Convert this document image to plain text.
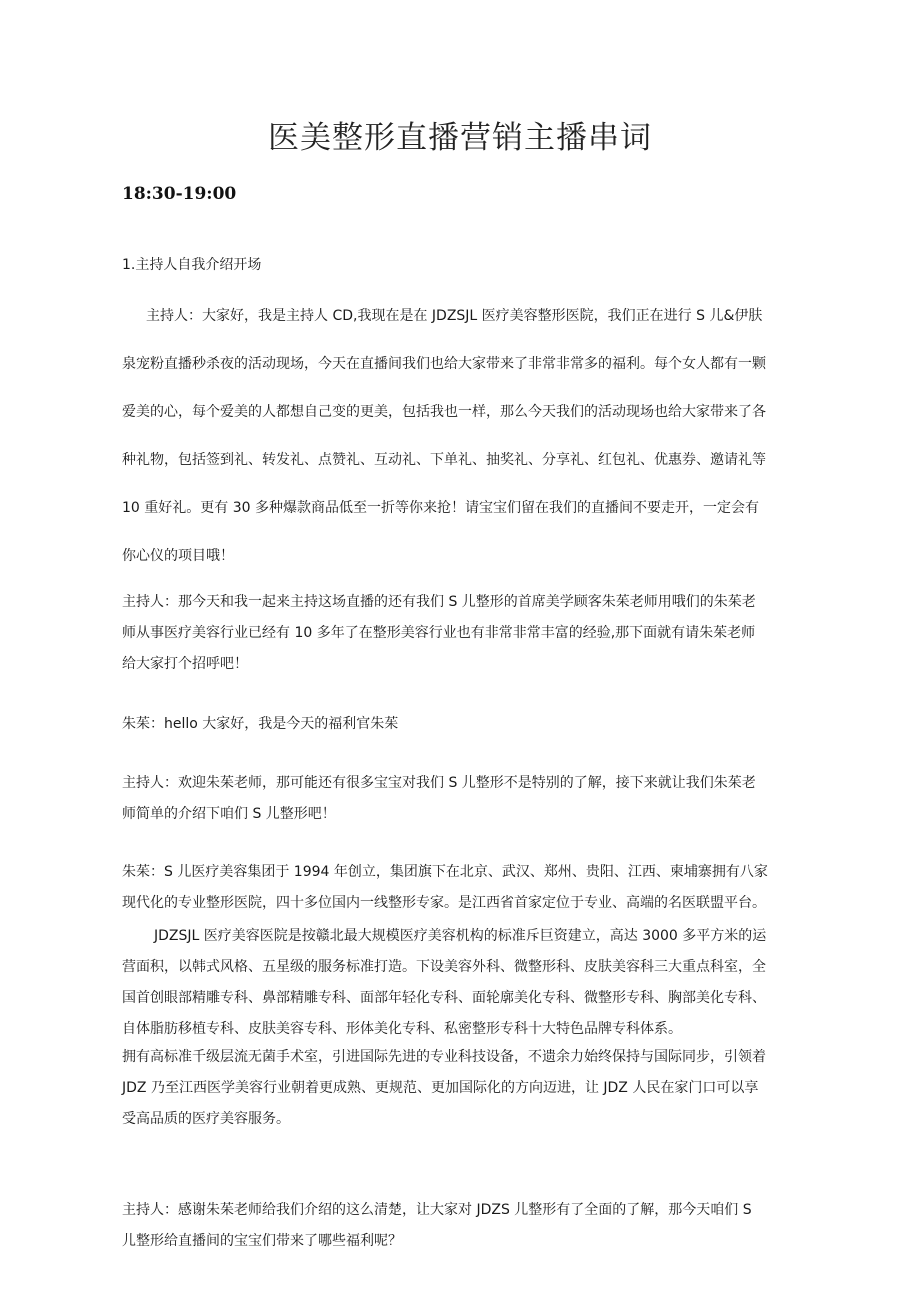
医美整形直播营销主播串词
18:30-19:00
1.主持人自我介绍开场
主持人：大家好，我是主持人 CD,我现在是在 JDZSJL 医疗美容整形医院，我们正在进行 S 儿&伊肤
泉宠粉直播秒杀夜的活动现场，今天在直播间我们也给大家带来了非常非常多的福利。每个女人都有一颗
爱美的心，每个爱美的人都想自己变的更美，包括我也一样，那么今天我们的活动现场也给大家带来了各
种礼物，包括签到礼、转发礼、点赞礼、互动礼、下单礼、抽奖礼、分享礼、红包礼、优惠券、邀请礼等
10 重好礼。更有 30 多种爆款商品低至一折等你来抢！请宝宝们留在我们的直播间不要走开，一定会有
你心仪的项目哦！
主持人：那今天和我一起来主持这场直播的还有我们 S 儿整形的首席美学顾客朱茱老师用哦们的朱茱老
师从事医疗美容行业已经有 10 多年了在整形美容行业也有非常非常丰富的经验,那下面就有请朱茱老师
给大家打个招呼吧！
朱茱：hello 大家好，我是今天的福利官朱茱
主持人：欢迎朱茱老师，那可能还有很多宝宝对我们 S 儿整形不是特别的了解，接下来就让我们朱茱老
师简单的介绍下咱们 S 儿整形吧！
朱茱：S 儿医疗美容集团于 1994 年创立，集团旗下在北京、武汉、郑州、贵阳、江西、柬埔寨拥有八家
现代化的专业整形医院，四十多位国内一线整形专家。是江西省首家定位于专业、高端的名医联盟平台。
JDZSJL 医疗美容医院是按赣北最大规模医疗美容机构的标准斥巨资建立，高达 3000 多平方米的运
营面积，以韩式风格、五星级的服务标准打造。下设美容外科、微整形科、皮肤美容科三大重点科室，全
国首创眼部精雕专科、鼻部精雕专科、面部年轻化专科、面轮廓美化专科、微整形专科、胸部美化专科、
自体脂肪移植专科、皮肤美容专科、形体美化专科、私密整形专科十大特色品牌专科体系。
拥有高标准千级层流无菌手术室，引进国际先进的专业科技设备，不遗余力始终保持与国际同步，引领着
JDZ 乃至江西医学美容行业朝着更成熟、更规范、更加国际化的方向迈进，让 JDZ 人民在家门口可以享
受高品质的医疗美容服务。
主持人：感谢朱茱老师给我们介绍的这么清楚，让大家对 JDZS 儿整形有了全面的了解，那今天咱们 S
儿整形给直播间的宝宝们带来了哪些福利呢？
